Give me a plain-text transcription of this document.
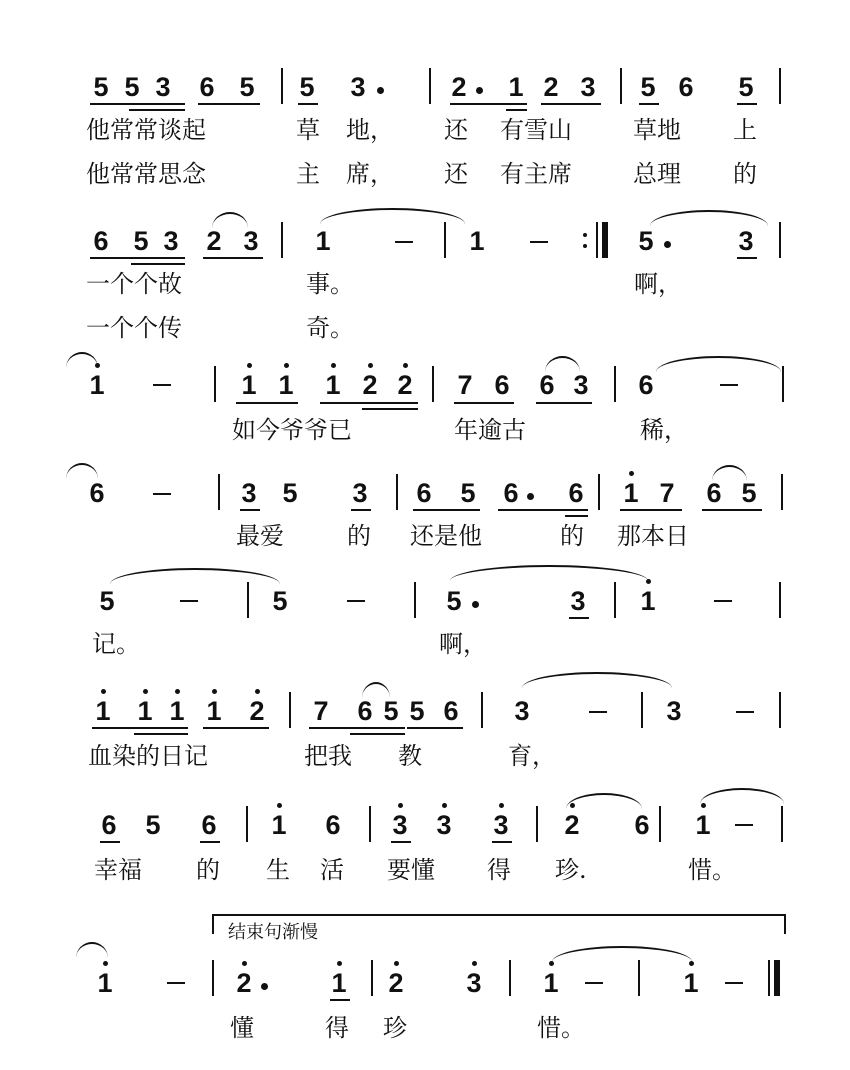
5 5 3 6 5 5 3	2 1 2 3 5 6 5
他常常谈起	草 地， 还 有雪山	草地 上
他常常思念	主 席， 还 有主席	总理 的
6 5 3 2 3 1	1	5	3
一个个故	事。	啊，
一个个传	奇。
1	1 1 1 2 2 7 6 6 3 6
如今爷爷已	年逾古	稀，
6	3 5 3 6 5 6 6 1 7 6 5
最爱	的 还是他	的 那本日
5	5	5	3 1
记。	啊，
1 1 1 1 2 7 6 5 5 6 3	3
血染的日记	把我 教	育，
6 5 6 1 6 3 3 3 2 6 1
幸福 的 生 活 要懂 得 珍.	惜。
结束句渐慢
1	2	1 2 3 1	1
懂	得 珍	惜。
